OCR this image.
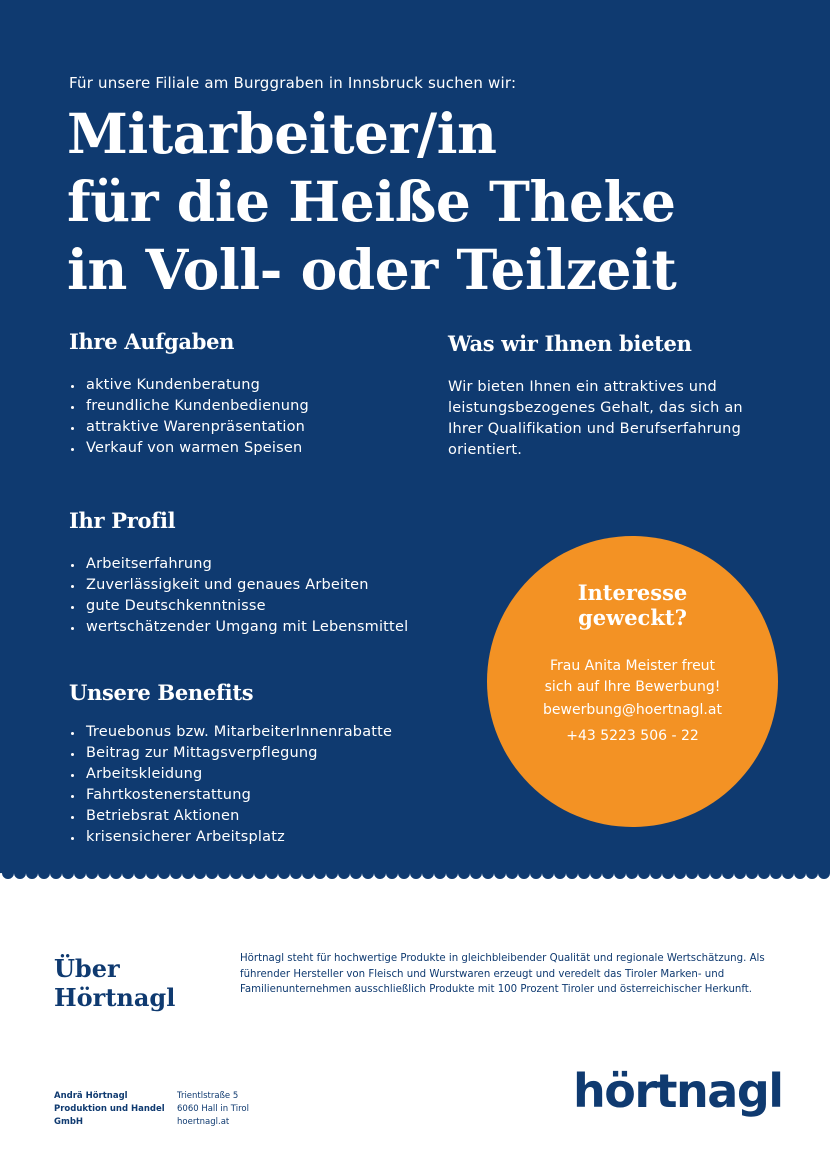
Für unsere Filiale am Burggraben in Innsbruck suchen wir:
Mitarbeiter/in
für die Heiße Theke
in Voll- oder Teilzeit
Ihre Aufgaben
aktive Kundenberatung
freundliche Kundenbedienung
attraktive Warenpräsentation
Verkauf von warmen Speisen
Was wir Ihnen bieten
Wir bieten Ihnen ein attraktives und leistungsbezogenes Gehalt, das sich an Ihrer Qualifikation und Berufserfahrung orientiert.
Ihr Profil
Arbeitserfahrung
Zuverlässigkeit und genaues Arbeiten
gute Deutschkenntnisse
wertschätzender Umgang mit Lebensmittel
Unsere Benefits
Treuebonus bzw. MitarbeiterInnenrabatte
Beitrag zur Mittagsverpflegung
Arbeitskleidung
Fahrtkostenerstattung
Betriebsrat Aktionen
krisensicherer Arbeitsplatz
Interesse
geweckt?
Frau Anita Meister freut
sich auf Ihre Bewerbung!
bewerbung@hoertnagl.at
+43 5223 506 - 22
Über
Hörtnagl
Hörtnagl steht für hochwertige Produkte in gleichbleibender Qualität und regionale Wertschätzung. Als führender Hersteller von Fleisch und Wurstwaren erzeugt und veredelt das Tiroler Marken- und Familienunternehmen ausschließlich Produkte mit 100 Prozent Tiroler und österreichischer Herkunft.
Andrä Hörtnagl
Produktion und Handel
GmbH
Trientlstraße 5
6060 Hall in Tirol
hoertnagl.at
hörtnagl
